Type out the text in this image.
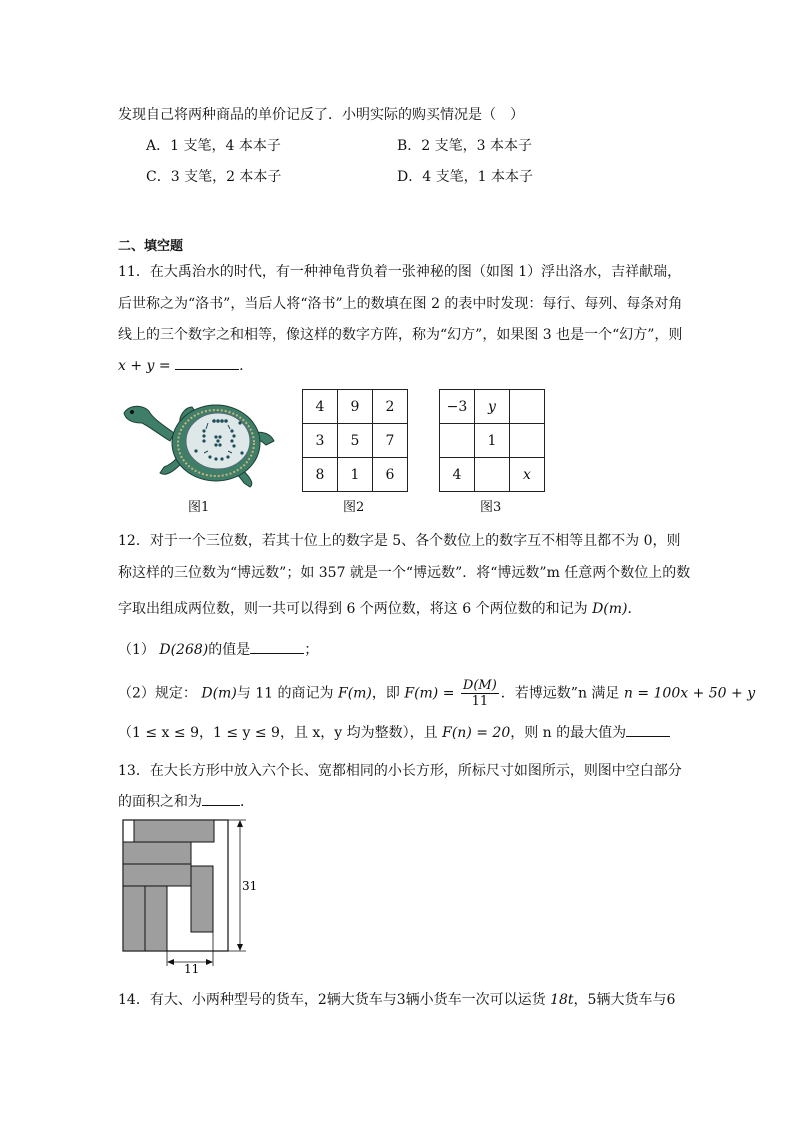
发现自己将两种商品的单价记反了．小明实际的购买情况是（　）
A．1 支笔，4 本本子	B．2 支笔，3 本本子
C．3 支笔，2 本本子	D．4 支笔，1 本本子
二、填空题
11．在大禹治水的时代，有一种神龟背负着一张神秘的图（如图 1）浮出洛水，吉祥献瑞，
后世称之为“洛书”，当后人将“洛书”上的数填在图 2 的表中时发现：每行、每列、每条对角
线上的三个数字之和相等，像这样的数字方阵，称为“幻方”，如果图 3 也是一个“幻方”，则
x + y =	.
图1
4	9	2
3	5	7
8	1	6
图2
−3	y	
	1	
4		x
图3
12．对于一个三位数，若其十位上的数字是 5、各个数位上的数字互不相等且都不为 0，则
称这样的三位数为“博远数”；如 357 就是一个“博远数”．将“博远数”m 任意两个数位上的数
字取出组成两位数，则一共可以得到 6 个两位数，将这 6 个两位数的和记为 D(m)．
（1） D(268)的值是	；
（2）规定： D(m)与 11 的商记为 F(m)，即 $F(m) = \frac{D(M)}{11}$ ．若博远数”n 满足 n = 100x + 50 + y
（1 ≤ x ≤ 9，1 ≤ y ≤ 9，且 x，y 均为整数），且 F(n) = 20，则 n 的最大值为
13．在大长方形中放入六个长、宽都相同的小长方形，所标尺寸如图所示，则图中空白部分
的面积之和为	．
31
11
14．有大、小两种型号的货车，2辆大货车与3辆小货车一次可以运货 18t，5辆大货车与6
